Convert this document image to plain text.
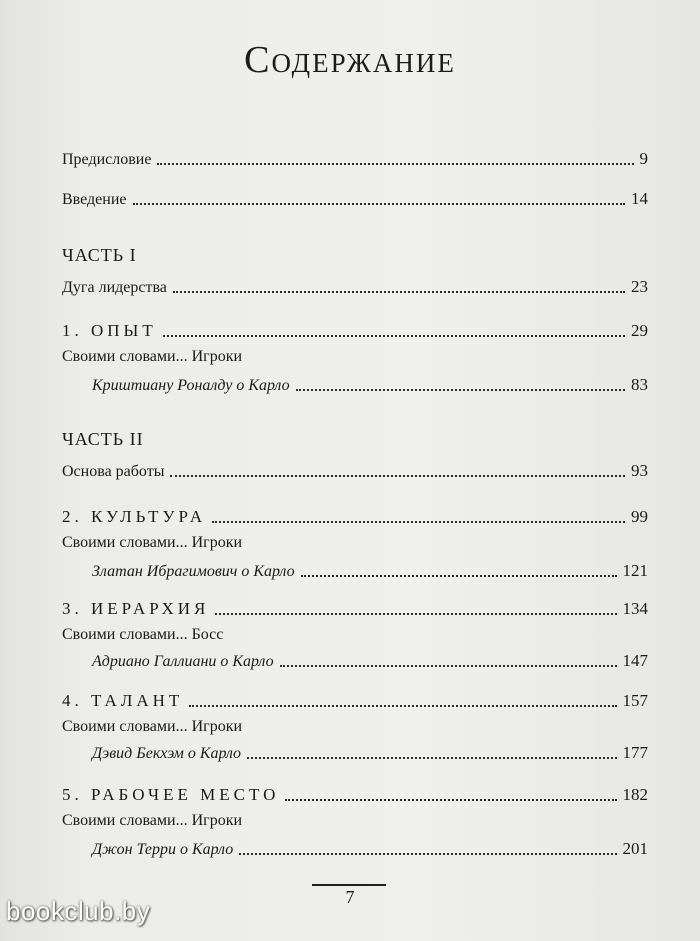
Содержание
Предисловие	9
Введение	14
ЧАСТЬ I
Дуга лидерства	23
1. ОПЫТ	29
Своими словами... Игроки
Криштиану Роналду о Карло	83
ЧАСТЬ II
Основа работы	93
2. КУЛЬТУРА	99
Своими словами... Игроки
Златан Ибрагимович о Карло	121
3. ИЕРАРХИЯ	134
Своими словами... Босс
Адриано Галлиани о Карло	147
4. ТАЛАНТ	157
Своими словами... Игроки
Дэвид Бекхэм о Карло	177
5. РАБОЧЕЕ МЕСТО	182
Своими словами... Игроки
Джон Терри о Карло	201
7
bookclub.by
